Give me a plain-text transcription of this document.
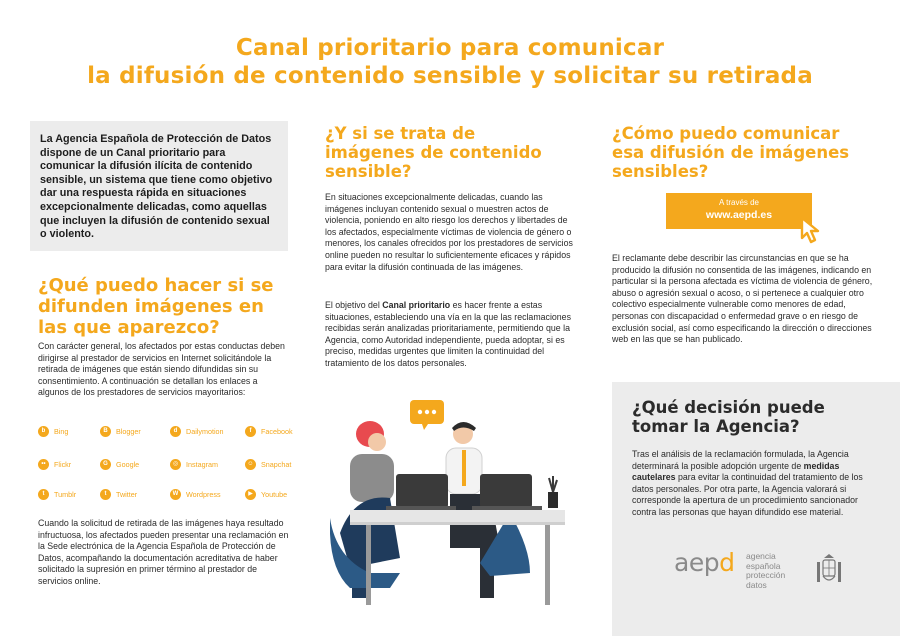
Canal prioritario para comunicar
la difusión de contenido sensible y solicitar su retirada

La Agencia Española de Protección de Datos dispone de un Canal prioritario para comunicar la difusión ilícita de contenido sensible, un sistema que tiene como objetivo dar una respuesta rápida en situaciones excepcionalmente delicadas, como aquellas que incluyen la difusión de contenido sexual o violento.

¿Qué puedo hacer si se difunden imágenes en las que aparezco?

Con carácter general, los afectados por estas conductas deben dirigirse al prestador de servicios en Internet solicitándole la retirada de imágenes que están siendo difundidas sin su consentimiento. A continuación se detallan los enlaces a algunos de los prestadores de servicios mayoritarios:

b	Bing	B	Blogger	d	Dailymotion	f	Facebook
••	Flickr	G	Google	◎	Instagram	☺	Snapchat
t	Tumblr	t	Twitter	W	Wordpress	▶	Youtube

Cuando la solicitud de retirada de las imágenes haya resultado infructuosa, los afectados pueden presentar una reclamación en la Sede electrónica de la Agencia Española de Protección de Datos, acompañando la documentación acreditativa de haber solicitado la supresión en primer término al prestador de servicios online.

¿Y si se trata de imágenes de contenido sensible?

En situaciones excepcionalmente delicadas, cuando las imágenes incluyan contenido sexual o muestren actos de violencia, poniendo en alto riesgo los derechos y libertades de los afectados, especialmente víctimas de violencia de género o menores, los canales ofrecidos por los prestadores de servicios online pueden no resultar lo suficientemente eficaces y rápidos para evitar la difusión continuada de las imágenes.

El objetivo del Canal prioritario es hacer frente a estas situaciones, estableciendo una vía en la que las reclamaciones recibidas serán analizadas prioritariamente, permitiendo que la Agencia, como Autoridad independiente, pueda adoptar, si es preciso, medidas urgentes que limiten la continuidad del tratamiento de los datos personales.

¿Cómo puedo comunicar esa difusión de imágenes sensibles?
A través de
www.aepd.es

El reclamante debe describir las circunstancias en que se ha producido la difusión no consentida de las imágenes, indicando en particular si la persona afectada es víctima de violencia de género, abuso o agresión sexual o acoso, o si pertenece a cualquier otro colectivo especialmente vulnerable como menores de edad, personas con discapacidad o enfermedad grave o en riesgo de exclusión social, así como especificando la dirección o direcciones web en las que se han publicado.

¿Qué decisión puede tomar la Agencia?

Tras el análisis de la reclamación formulada, la Agencia determinará la posible adopción urgente de medidas cautelares para evitar la continuidad del tratamiento de los datos personales. Por otra parte, la Agencia valorará si corresponde la apertura de un procedimiento sancionador contra las personas que hayan difundido ese material.

aepd agencia
española
protección
datos
